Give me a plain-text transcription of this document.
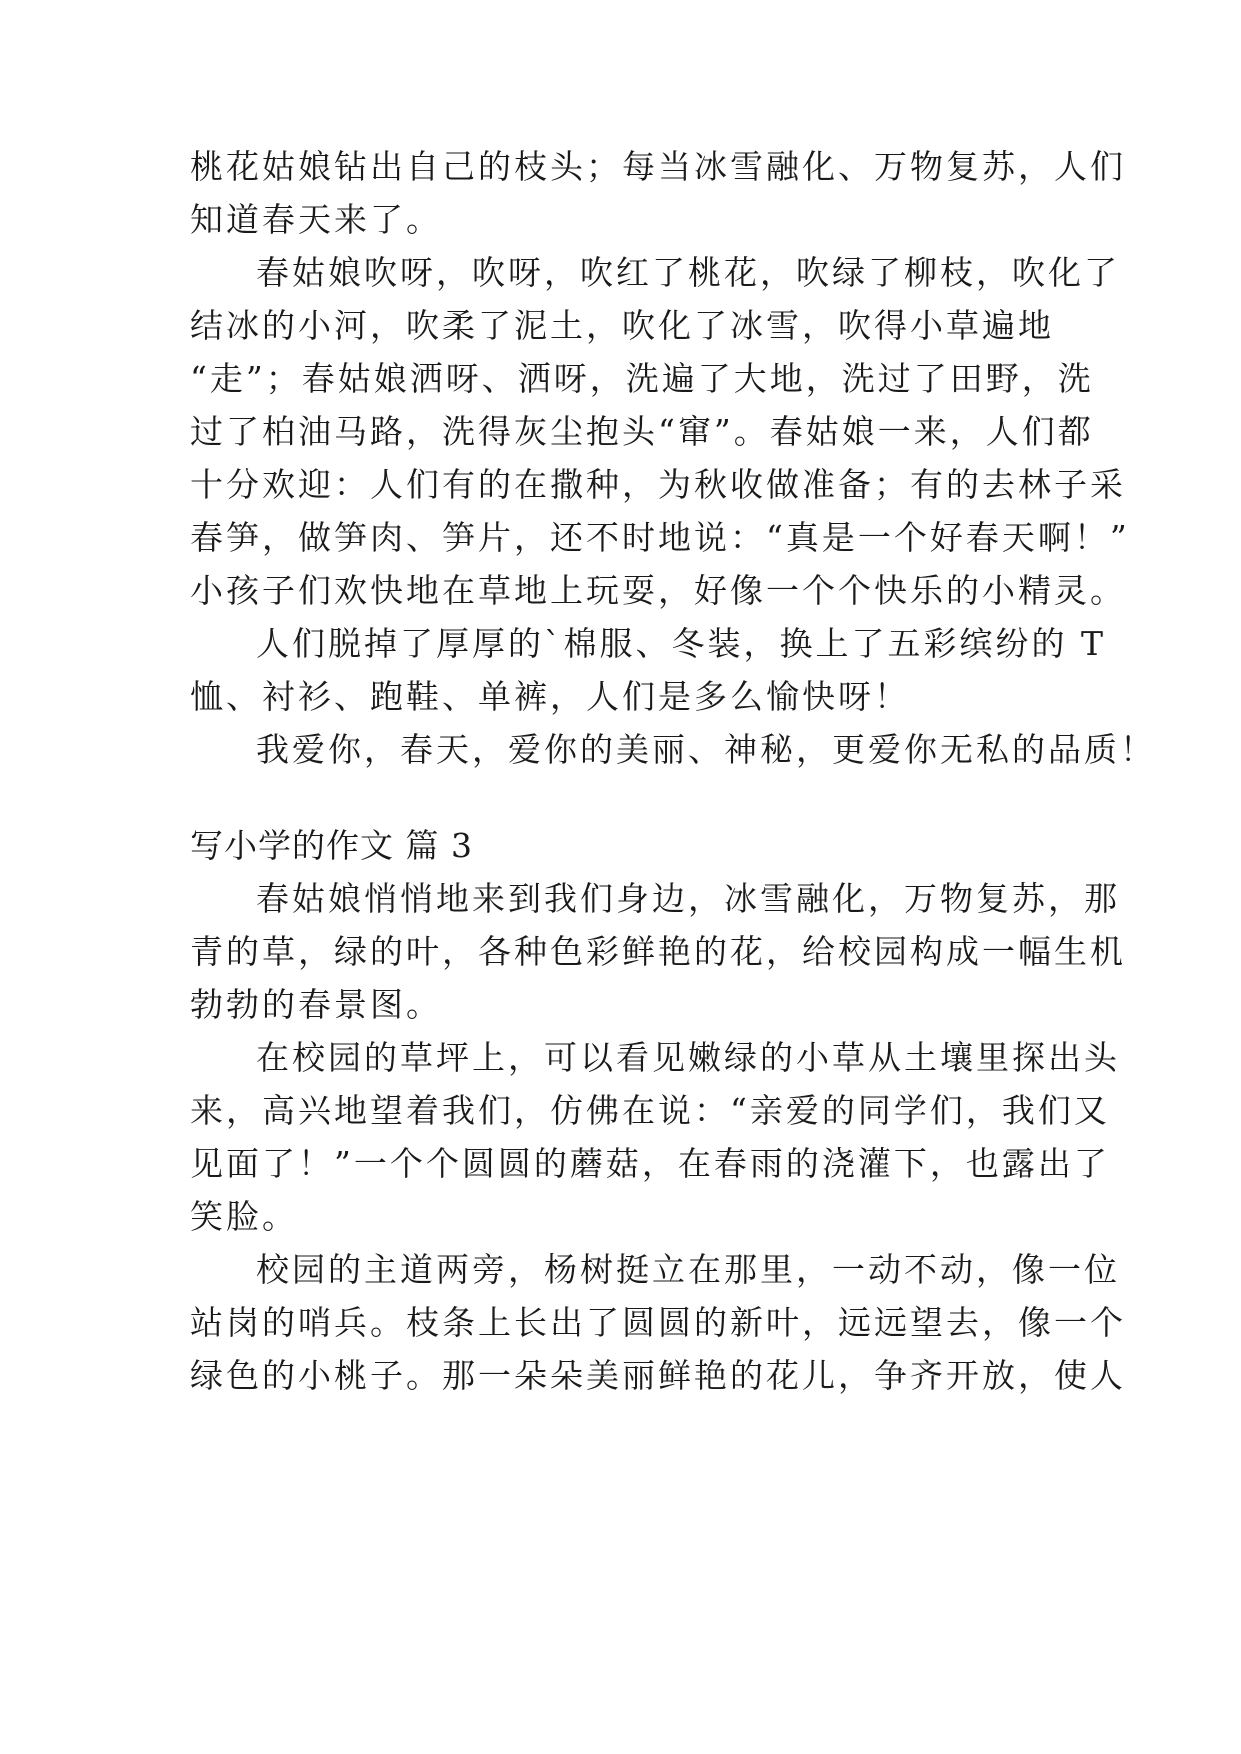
桃花姑娘钻出自己的枝头；每当冰雪融化、万物复苏，人们
知道春天来了。
春姑娘吹呀，吹呀，吹红了桃花，吹绿了柳枝，吹化了
结冰的小河，吹柔了泥土，吹化了冰雪，吹得小草遍地
“走”；春姑娘洒呀、洒呀，洗遍了大地，洗过了田野，洗
过了柏油马路，洗得灰尘抱头“窜”。春姑娘一来，人们都
十分欢迎：人们有的在撒种，为秋收做准备；有的去林子采
春笋，做笋肉、笋片，还不时地说：“真是一个好春天啊！”
小孩子们欢快地在草地上玩耍，好像一个个快乐的小精灵。
人们脱掉了厚厚的`棉服、冬装，换上了五彩缤纷的 T
恤、衬衫、跑鞋、单裤，人们是多么愉快呀！
我爱你，春天，爱你的美丽、神秘，更爱你无私的品质！
写小学的作文 篇 3
春姑娘悄悄地来到我们身边，冰雪融化，万物复苏，那
青的草，绿的叶，各种色彩鲜艳的花，给校园构成一幅生机
勃勃的春景图。
在校园的草坪上，可以看见嫩绿的小草从土壤里探出头
来，高兴地望着我们，仿佛在说：“亲爱的同学们，我们又
见面了！”一个个圆圆的蘑菇，在春雨的浇灌下，也露出了
笑脸。
校园的主道两旁，杨树挺立在那里，一动不动，像一位
站岗的哨兵。枝条上长出了圆圆的新叶，远远望去，像一个
绿色的小桃子。那一朵朵美丽鲜艳的花儿，争齐开放，使人
